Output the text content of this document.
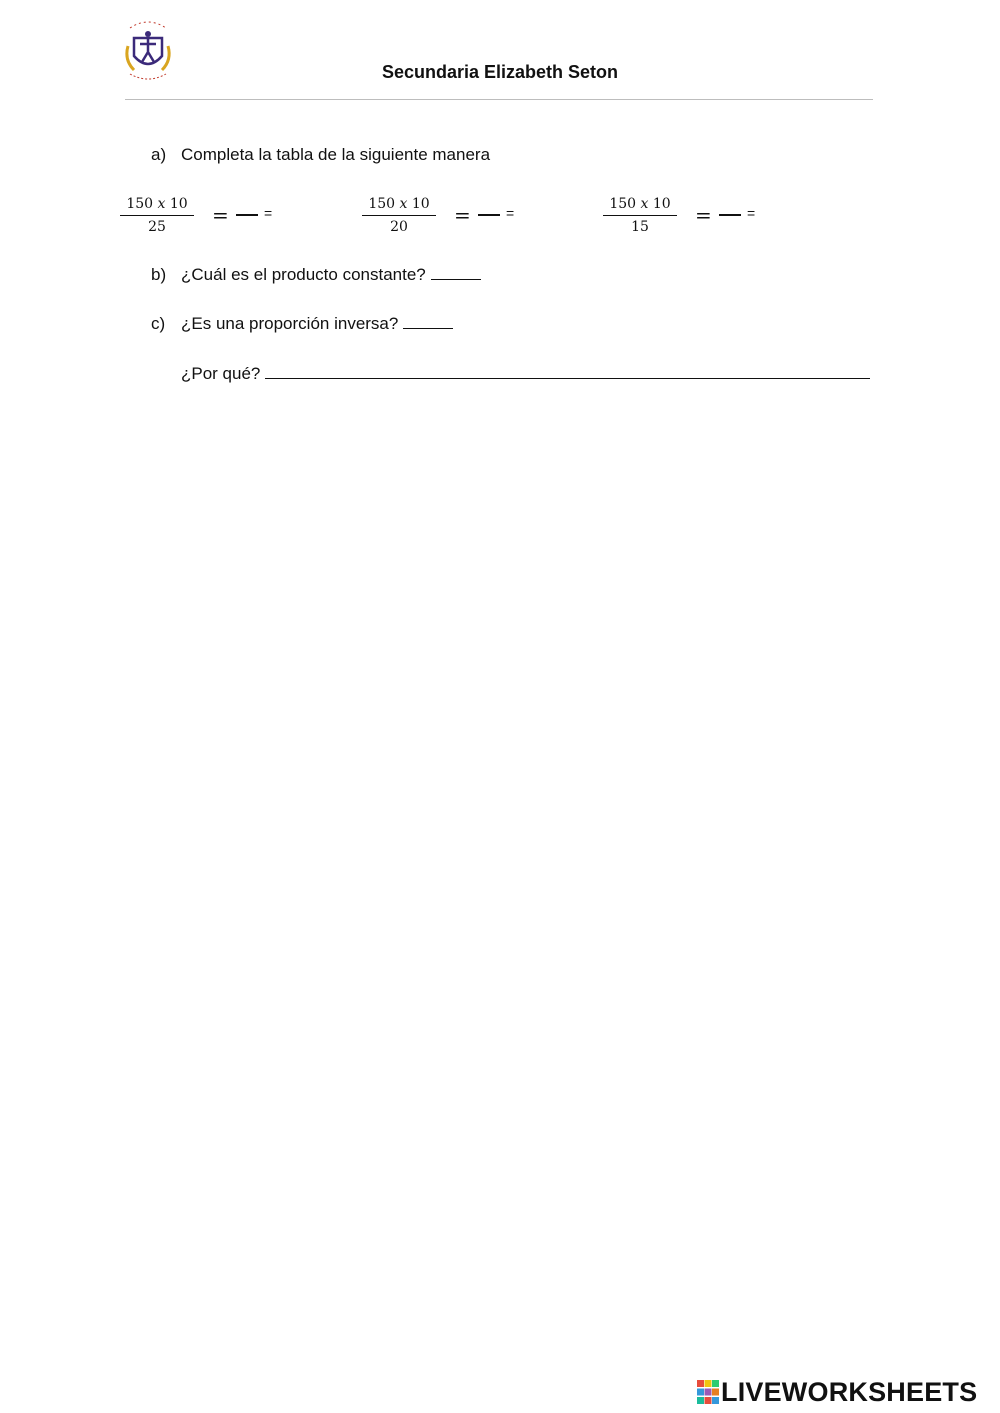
Secundaria Elizabeth Seton
a) Completa la tabla de la siguiente manera
150 x 10
25	=	=
150 x 10
20	=	=
150 x 10
15	=	=
b) ¿Cuál es el producto constante?
c) ¿Es una proporción inversa?
¿Por qué?
LIVEWORKSHEETS
